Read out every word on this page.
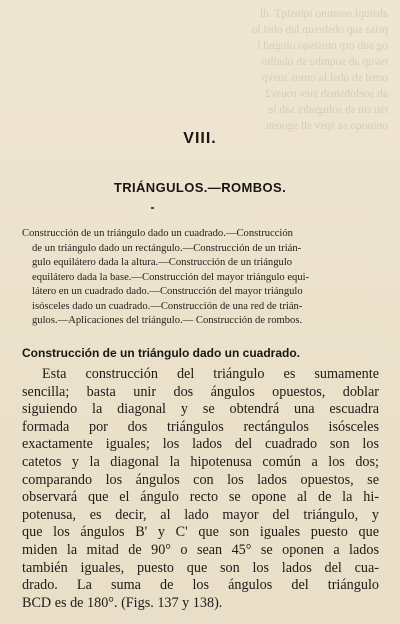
ahsiupl osssnno iqinsiqT .dl
prisa sup obsbrsup lab obsl lo
og sub orp otnsisqo olugnd l
rsvup ab soqmbu sb oladlio
ornsl sb obsl la omos susvp
ab soelobsmsb siev rousv2
rsu rin sb solugndrs sab le
oninoqo sa spsv sil sgoosn
VIII.
TRIÁNGULOS.—ROMBOS.
Construcción de un triángulo dado un cuadrado.—Construcción
de un triángulo dado un rectángulo.—Construcción de un trián-
gulo equilátero dada la altura.—Construcción de un triángulo
equilátero dada la base.—Construcción del mayor triángulo equi-
látero en un cuadrado dado.—Construcción del mayor triángulo
isósceles dado un cuadrado.—Construcción de una red de trián-
gulos.—Aplicaciones del triángulo.— Construcción de rombos.
Construcción de un triángulo dado un cuadrado.
Esta construcción del triángulo es sumamente
sencilla; basta unir dos ángulos opuestos, doblar
siguiendo la diagonal y se obtendrá una escuadra
formada por dos triángulos rectángulos isósceles
exactamente iguales; los lados del cuadrado son los
catetos y la diagonal la hipotenusa común a los dos;
comparando los ángulos con los lados opuestos, se
observará que el ángulo recto se opone al de la hi-
potenusa, es decir, al lado mayor del triángulo, y
que los ángulos B' y C' que son iguales puesto que
miden la mitad de 90° o sean 45° se oponen a lados
también iguales, puesto que son los lados del cua-
drado. La suma de los ángulos del triángulo
BCD es de 180°. (Figs. 137 y 138).
